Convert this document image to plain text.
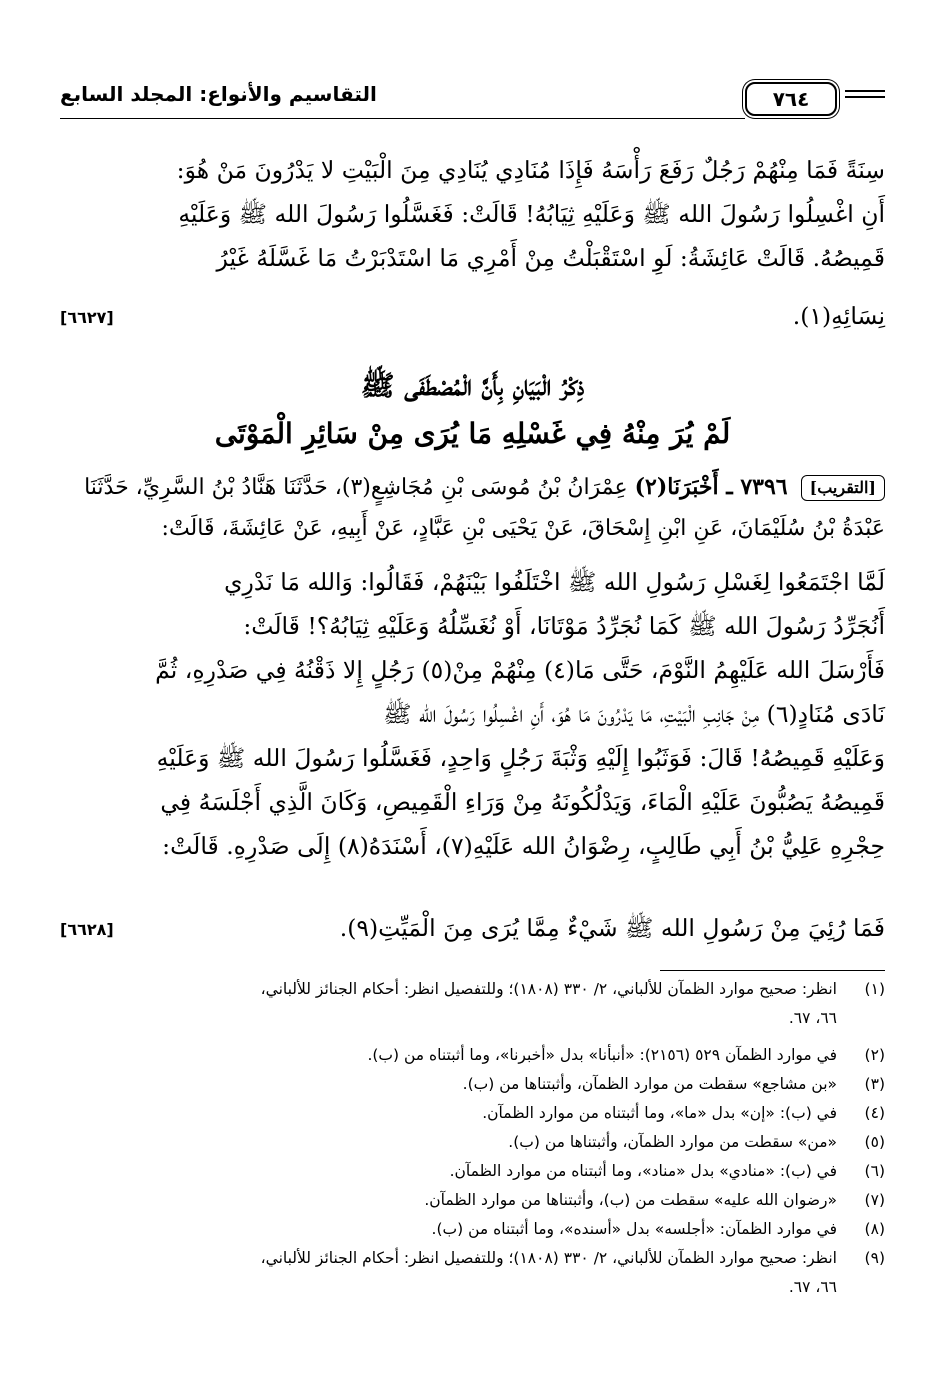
التقاسيم والأنواع: المجلد السابع	٧٦٤

سِنَةً فَمَا مِنْهُمْ رَجُلٌ رَفَعَ رَأْسَهُ فَإِذَا مُنَادِي يُنَادِي مِنَ الْبَيْتِ لا يَدْرُونَ مَنْ هُوَ:

أَنِ اغْسِلُوا رَسُولَ الله ﷺ وَعَلَيْهِ ثِيَابُهُ! قَالَتْ: فَغَسَّلُوا رَسُولَ الله ﷺ وَعَلَيْهِ

قَمِيصُهُ. قَالَتْ عَائِشَةُ: لَوِ اسْتَقْبَلْتُ مِنْ أَمْرِي مَا اسْتَدْبَرْتُ مَا غَسَّلَهُ غَيْرُ

[٦٦٢٧]	نِسَائِهِ(١).
ذِكْرُ الْبَيَانِ بِأَنَّ الْمُصْطَفَى ﷺ
لَمْ يُرَ مِنْهُ فِي غَسْلِهِ مَا يُرَى مِنْ سَائِرِ الْمَوْتَى
[التقريب] ٧٣٩٦ ـ أَخْبَرَنَا(٢) عِمْرَانُ بْنُ مُوسَى بْنِ مُجَاشِعٍ(٣)، حَدَّثَنَا هَنَّادُ بْنُ السَّرِيِّ، حَدَّثَنَا
عَبْدَةُ بْنُ سُلَيْمَانَ، عَنِ ابْنِ إِسْحَاقَ، عَنْ يَحْيَى بْنِ عَبَّادٍ، عَنْ أَبِيهِ، عَنْ عَائِشَةَ، قَالَتْ:

لَمَّا اجْتَمَعُوا لِغَسْلِ رَسُولِ الله ﷺ اخْتَلَفُوا بَيْنَهُمْ، فَقَالُوا: وَالله مَا نَدْرِي

أَنُجَرِّدُ رَسُولَ الله ﷺ كَمَا نُجَرِّدُ مَوْتَانَا، أَوْ نُغَسِّلُهُ وَعَلَيْهِ ثِيَابُهُ؟! قَالَتْ:

فَأَرْسَلَ الله عَلَيْهِمُ النَّوْمَ، حَتَّى مَا(٤) مِنْهُمْ مِنْ(٥) رَجُلٍ إِلا ذَقْنُهُ فِي صَدْرِهِ، ثُمَّ

نَادَى مُنَادٍ(٦) مِنْ جَانِبِ الْبَيْتِ، مَا يَدْرُونَ مَا هُوَ، أَنِ اغْسِلُوا رَسُولَ الله ﷺ

وَعَلَيْهِ قَمِيصُهُ! قَالَ: فَوَثَبُوا إِلَيْهِ وَثْبَةَ رَجُلٍ وَاحِدٍ، فَغَسَّلُوا رَسُولَ الله ﷺ وَعَلَيْهِ

قَمِيصُهُ يَصُبُّونَ عَلَيْهِ الْمَاءَ، وَيَدْلُكُونَهُ مِنْ وَرَاءِ الْقَمِيصِ، وَكَانَ الَّذِي أَجْلَسَهُ فِي

حِجْرِهِ عَلِيُّ بْنُ أَبِي طَالِبٍ، رِضْوَانُ الله عَلَيْهِ(٧)، أَسْنَدَهُ(٨) إِلَى صَدْرِهِ. قَالَتْ:

[٦٦٢٨]	فَمَا رُئِيَ مِنْ رَسُولِ الله ﷺ شَيْءٌ مِمَّا يُرَى مِنَ الْمَيِّتِ(٩).
(١)
انظر: صحيح موارد الظمآن للألباني، ٢/ ٣٣٠ (١٨٠٨)؛ وللتفصيل انظر: أحكام الجنائز للألباني،
٦٦، ٦٧.
(٢)
في موارد الظمآن ٥٢٩ (٢١٥٦): «أنبأنا» بدل «أخبرنا»، وما أثبتناه من (ب).
(٣)
«بن مشاجع» سقطت من موارد الظمآن، وأثبتناها من (ب).
(٤)
في (ب): «إن» بدل «ما»، وما أثبتناه من موارد الظمآن.
(٥)
«من» سقطت من موارد الظمآن، وأثبتناها من (ب).
(٦)
في (ب): «منادي» بدل «مناد»، وما أثبتناه من موارد الظمآن.
(٧)
«رضوان الله عليه» سقطت من (ب)، وأثبتناها من موارد الظمآن.
(٨)
في موارد الظمآن: «أجلسه» بدل «أسنده»، وما أثبتناه من (ب).
(٩)
انظر: صحيح موارد الظمآن للألباني، ٢/ ٣٣٠ (١٨٠٨)؛ وللتفصيل انظر: أحكام الجنائز للألباني،
٦٦، ٦٧.
